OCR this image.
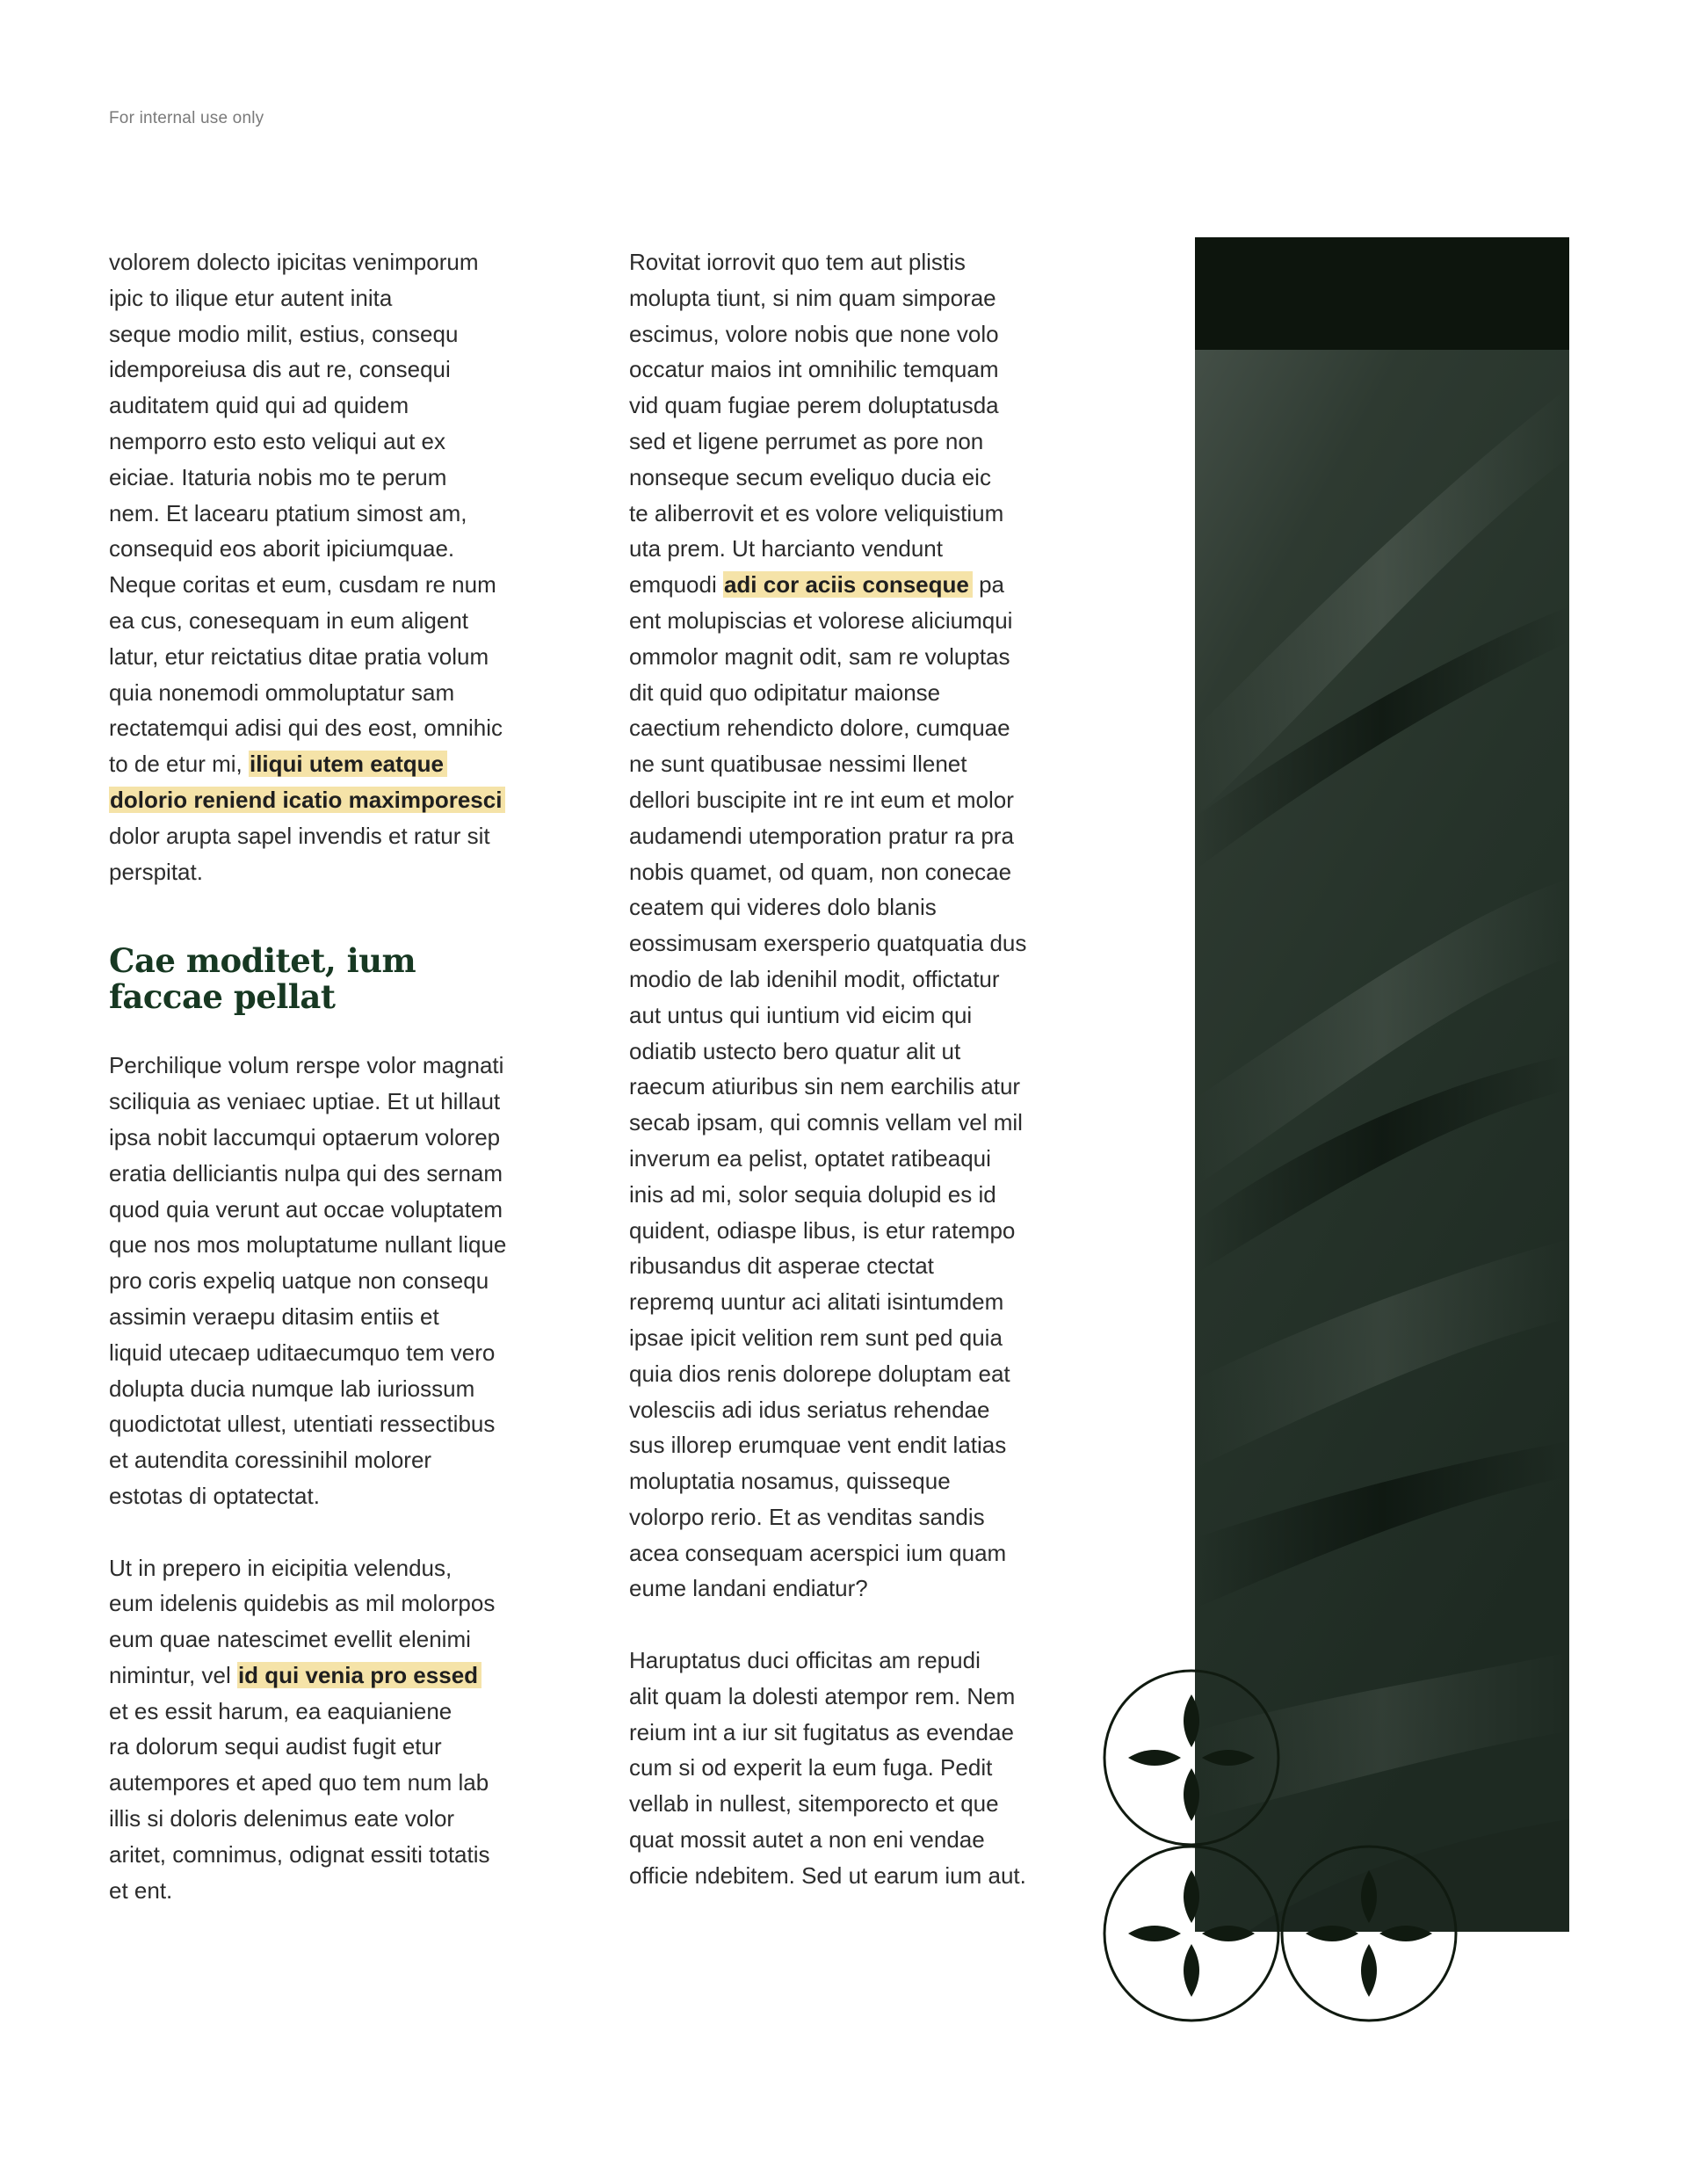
For internal use only

volorem dolecto ipicitas venimporum
ipic to ilique etur autent inita
seque modio milit, estius, consequ
idemporeiusa dis aut re, consequi
auditatem quid qui ad quidem
nemporro esto esto veliqui aut ex
eiciae. Itaturia nobis mo te perum
nem. Et lacearu ptatium simost am,
consequid eos aborit ipiciumquae.
Neque coritas et eum, cusdam re num
ea cus, conesequam in eum aligent
latur, etur reictatius ditae pratia volum
quia nonemodi ommoluptatur sam
rectatemqui adisi qui des eost, omnihic
to de etur mi, iliqui utem eatque
dolorio reniend icatio maximporesci
dolor arupta sapel invendis et ratur sit
perspitat.

Cae moditet, ium
faccae pellat

Perchilique volum rerspe volor magnati
sciliquia as veniaec uptiae. Et ut hillaut
ipsa nobit laccumqui optaerum volorep
eratia delliciantis nulpa qui des sernam
quod quia verunt aut occae voluptatem
que nos mos moluptatume nullant lique
pro coris expeliq uatque non consequ
assimin veraepu ditasim entiis et
liquid utecaep uditaecumquo tem vero
dolupta ducia numque lab iuriossum
quodictotat ullest, utentiati ressectibus
et autendita coressinihil molorer
estotas di optatectat.

Ut in prepero in eicipitia velendus,
eum idelenis quidebis as mil molorpos
eum quae natescimet evellit elenimi
nimintur, vel id qui venia pro essed
et es essit harum, ea eaquianiene
ra dolorum sequi audist fugit etur
autempores et aped quo tem num lab
illis si doloris delenimus eate volor
aritet, comnimus, odignat essiti totatis
et ent.

Rovitat iorrovit quo tem aut plistis
molupta tiunt, si nim quam simporae
escimus, volore nobis que none volo
occatur maios int omnihilic temquam
vid quam fugiae perem doluptatusda
sed et ligene perrumet as pore non
nonseque secum eveliquo ducia eic
te aliberrovit et es volore veliquistium
uta prem. Ut harcianto vendunt
emquodi adi cor aciis conseque pa
ent molupiscias et volorese aliciumqui
ommolor magnit odit, sam re voluptas
dit quid quo odipitatur maionse
caectium rehendicto dolore, cumquae
ne sunt quatibusae nessimi llenet
dellori buscipite int re int eum et molor
audamendi utemporation pratur ra pra
nobis quamet, od quam, non conecae
ceatem qui videres dolo blanis
eossimusam exersperio quatquatia dus
modio de lab idenihil modit, offictatur
aut untus qui iuntium vid eicim qui
odiatib ustecto bero quatur alit ut
raecum atiuribus sin nem earchilis atur
secab ipsam, qui comnis vellam vel mil
inverum ea pelist, optatet ratibeaqui
inis ad mi, solor sequia dolupid es id
quident, odiaspe libus, is etur ratempo
ribusandus dit asperae ctectat
repremq uuntur aci alitati isintumdem
ipsae ipicit velition rem sunt ped quia
quia dios renis dolorepe doluptam eat
volesciis adi idus seriatus rehendae
sus illorep erumquae vent endit latias
moluptatia nosamus, quisseque
volorpo rerio. Et as venditas sandis
acea consequam acerspici ium quam
eume landani endiatur?

Haruptatus duci officitas am repudi
alit quam la dolesti atempor rem. Nem
reium int a iur sit fugitatus as evendae
cum si od experit la eum fuga. Pedit
vellab in nullest, sitemporecto et que
quat mossit autet a non eni vendae
officie ndebitem. Sed ut earum ium aut.
